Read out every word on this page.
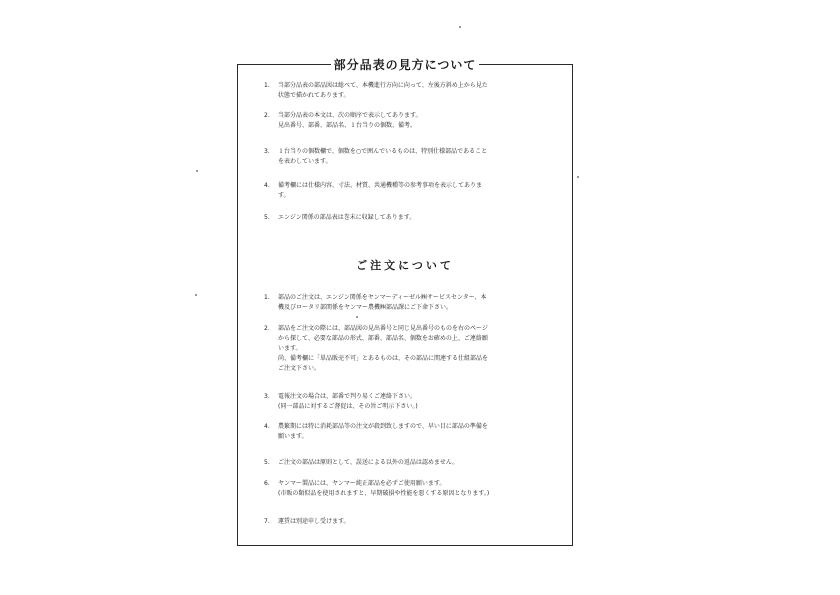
部分品表の見方について
1.	当部分品表の部品図は総べて、本機進行方向に向って、左後方斜め上から見た
状態で描かれてあります。
2.	当部分品表の本文は、次の順序で表示してあります。
見出番号、部番、部品名、１台当りの個数、備考。
3.	１台当りの個数欄で、個数を○で囲んでいるものは、特別仕様部品であること
を表わしています。
4.	備考欄には仕様内容、寸法、材質、共通機種等の参考事項を表示してありま
す。
5.	エンジン関係の部品表は巻末に収録してあります。
ご注文について
1.	部品のご注文は、エンジン関係をヤンマーディーゼル㈱サービスセンター、本
機及びロータリ部関係をヤンマー農機㈱部品課にご下命下さい。
2.	部品をご注文の際には、部品図の見出番号と同じ見出番号のものを右のページ
から探して、必要な部品の形式、部番、部品名、個数をお確めの上、ご連絡願
います。
尚、備考欄に「単品販売不可」とあるものは、その部品に関連する仕組部品を
ご注文下さい。
3.	電報注文の場合は、部番で判り易くご連絡下さい。
(同一部品に対するご督促は、その旨ご明示下さい。)
4.	農繁期には特に消耗部品等の注文が殺到致しますので、早い目に部品の準備を
願います。
5.	ご注文の部品は原則として、誤送による以外の返品は認めません。
6.	ヤンマー製品には、ヤンマー純正部品を必ずご使用願います。
(市販の類似品を使用されますと、早期破損や性能を悪くする原因となります。)
7.	運賃は別途申し受けます。
